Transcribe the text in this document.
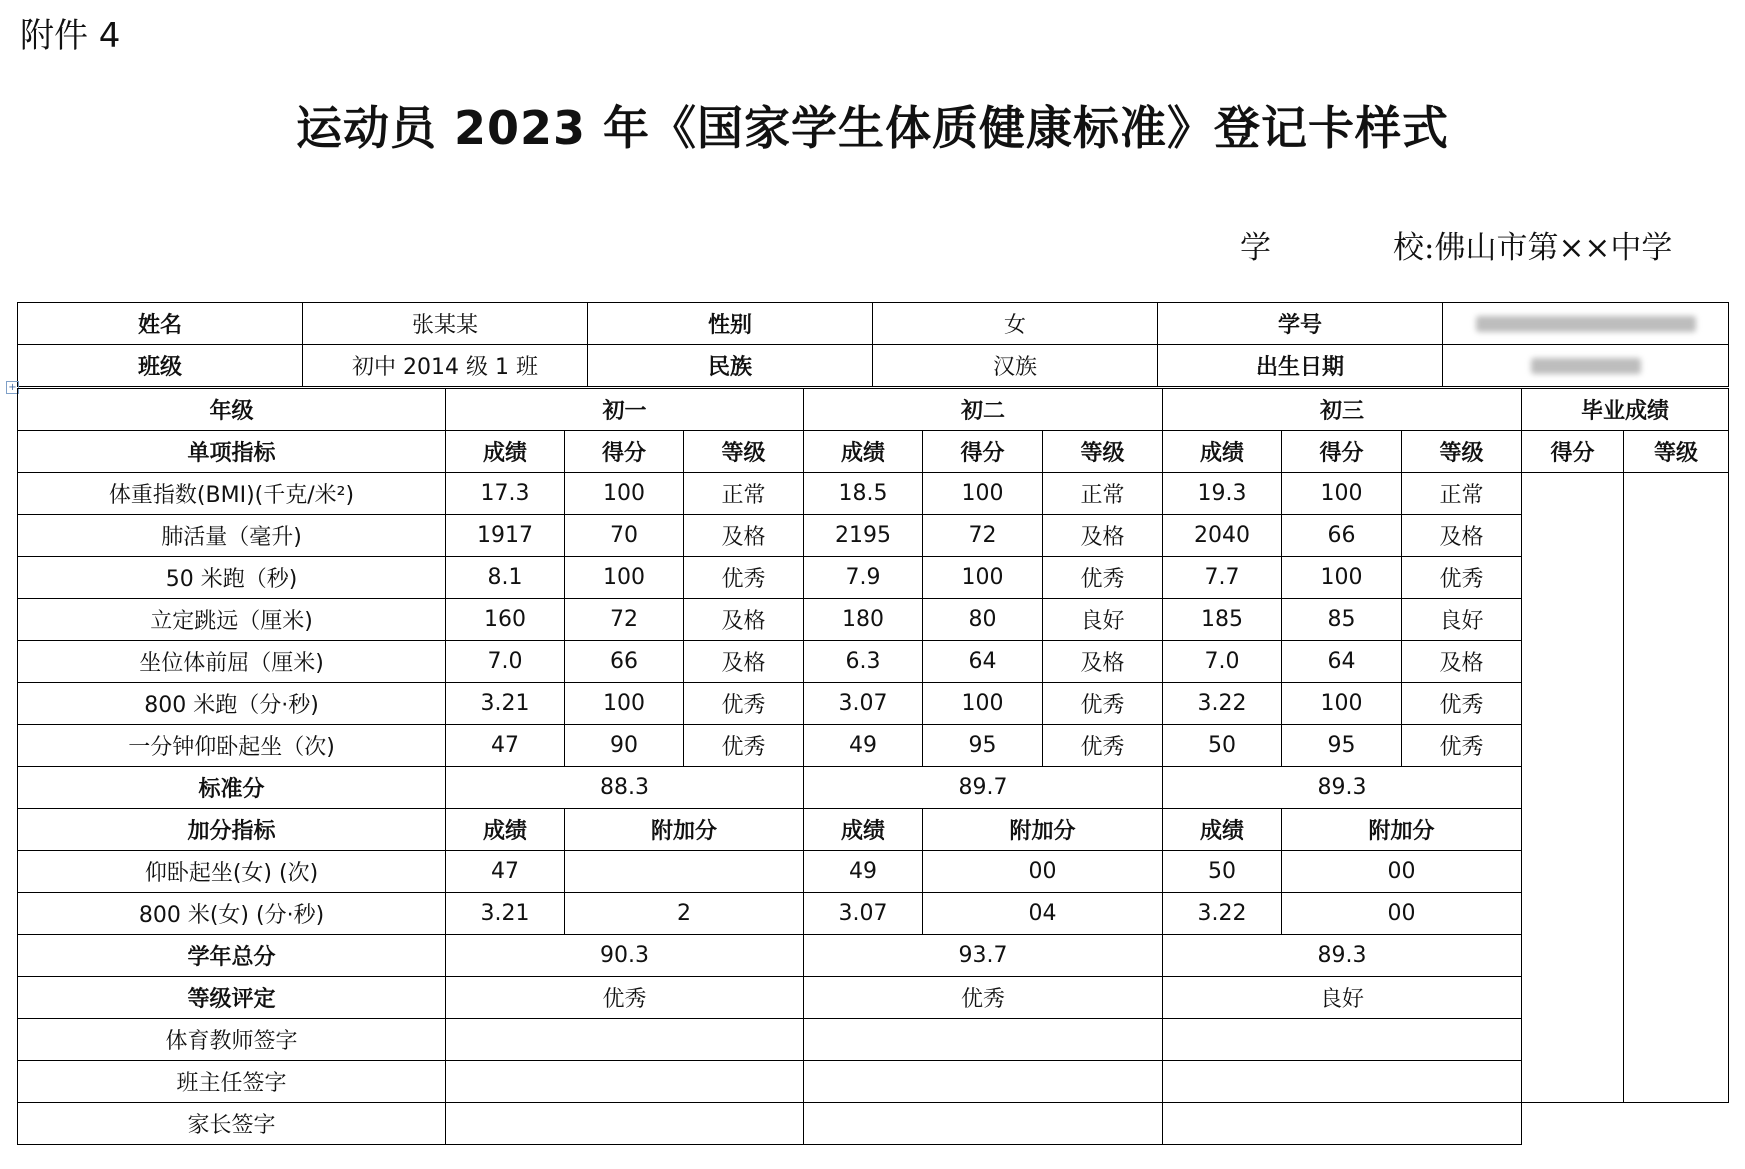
附件 4
运动员 2023 年《国家学生体质健康标准》登记卡样式
学	校:佛山市第××中学
姓名	张某某	性别	女	学号	
班级	初中 2014 级 1 班	民族	汉族	出生日期	
+
年级	初一			初二			初三			毕业成绩	
单项指标	成绩	得分	等级	成绩	得分	等级	成绩	得分	等级	得分	等级
体重指数(BMI)(千克/米²)	17.3	100	正常	18.5	100	正常	19.3	100	正常		
肺活量（毫升)	1917	70	及格	2195	72	及格	2040	66	及格		
50 米跑（秒)	8.1	100	优秀	7.9	100	优秀	7.7	100	优秀		
立定跳远（厘米)	160	72	及格	180	80	良好	185	85	良好		
坐位体前屈（厘米)	7.0	66	及格	6.3	64	及格	7.0	64	及格		
800 米跑（分·秒)	3.21	100	优秀	3.07	100	优秀	3.22	100	优秀		
一分钟仰卧起坐（次)	47	90	优秀	49	95	优秀	50	95	优秀		
标准分	88.3			89.7			89.3				
加分指标	成绩	附加分		成绩	附加分		成绩	附加分			
仰卧起坐(女) (次)	47			49	00		50	00			
800 米(女) (分·秒)	3.21	2		3.07	04		3.22	00			
学年总分	90.3			93.7			89.3				
等级评定	优秀			优秀			良好				
体育教师签字											
班主任签字											
家长签字											
